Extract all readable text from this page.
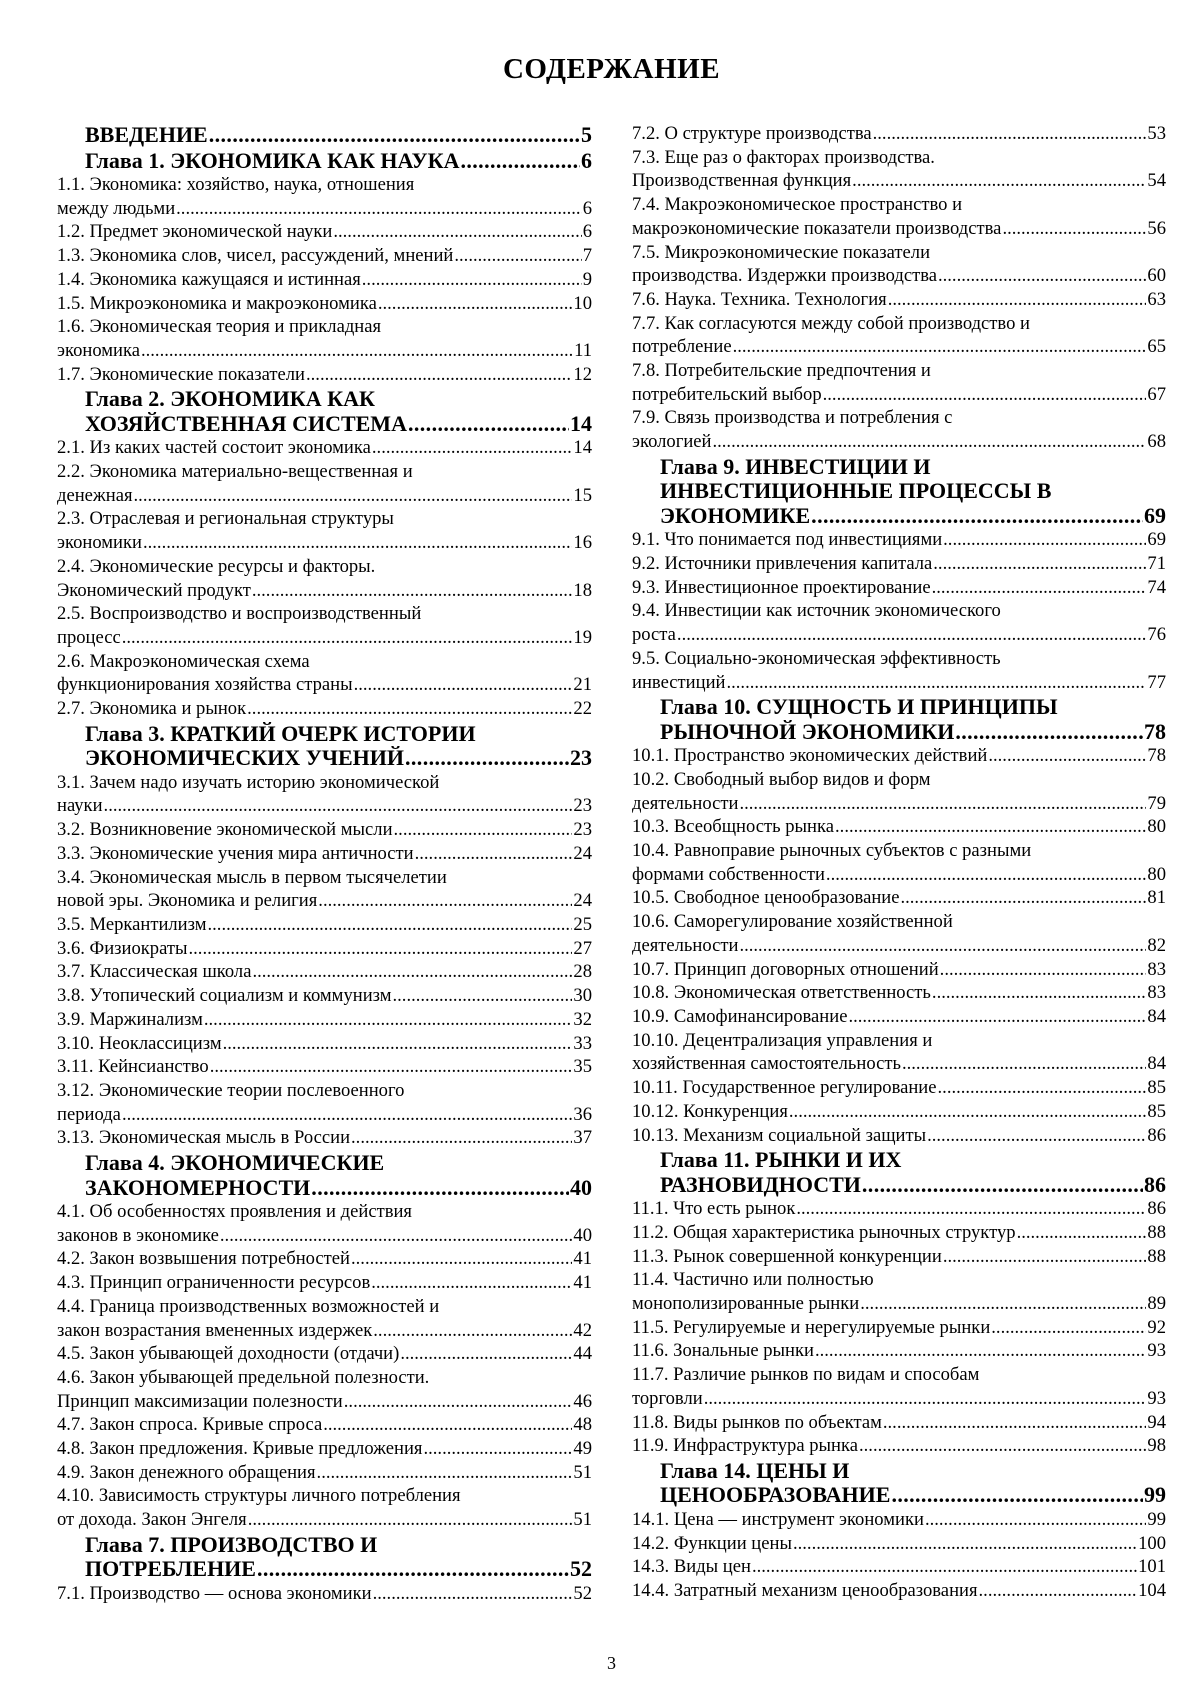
СОДЕРЖАНИЕ
ВВЕДЕНИЕ .....	5
Глава 1. ЭКОНОМИКА КАК НАУКА .....	6
1.1. Экономика: хозяйство, наука, отношения
между людьми .....	6
1.2. Предмет экономической науки .....	6
1.3. Экономика слов, чисел, рассуждений, мнений .....	7
1.4. Экономика кажущаяся и истинная .....	9
1.5. Микроэкономика и макроэкономика .....	10
1.6. Экономическая теория и прикладная
экономика .....	11
1.7. Экономические показатели .....	12
Глава 2. ЭКОНОМИКА КАК
ХОЗЯЙСТВЕННАЯ СИСТЕМА .....	14
2.1. Из каких частей состоит экономика .....	14
2.2. Экономика материально-вещественная и
денежная .....	15
2.3. Отраслевая и региональная структуры
экономики .....	16
2.4. Экономические ресурсы и факторы.
Экономический продукт .....	18
2.5. Воспроизводство и воспроизводственный
процесс .....	19
2.6. Макроэкономическая схема
функционирования хозяйства страны .....	21
2.7. Экономика и рынок .....	22
Глава 3. КРАТКИЙ ОЧЕРК ИСТОРИИ
ЭКОНОМИЧЕСКИХ УЧЕНИЙ .....	23
3.1. Зачем надо изучать историю экономической
науки .....	23
3.2. Возникновение экономической мысли .....	23
3.3. Экономические учения мира античности .....	24
3.4. Экономическая мысль в первом тысячелетии
новой эры. Экономика и религия .....	24
3.5. Меркантилизм .....	25
3.6. Физиократы .....	27
3.7. Классическая школа .....	28
3.8. Утопический социализм и коммунизм .....	30
3.9. Маржинализм .....	32
3.10. Неоклассицизм .....	33
3.11. Кейнсианство .....	35
3.12. Экономические теории послевоенного
периода .....	36
3.13. Экономическая мысль в России .....	37
Глава 4. ЭКОНОМИЧЕСКИЕ
ЗАКОНОМЕРНОСТИ .....	40
4.1. Об особенностях проявления и действия
законов в экономике .....	40
4.2. Закон возвышения потребностей .....	41
4.3. Принцип ограниченности ресурсов .....	41
4.4. Граница производственных возможностей и
закон возрастания вмененных издержек .....	42
4.5. Закон убывающей доходности (отдачи) .....	44
4.6. Закон убывающей предельной полезности.
Принцип максимизации полезности .....	46
4.7. Закон спроса. Кривые спроса .....	48
4.8. Закон предложения. Кривые предложения .....	49
4.9. Закон денежного обращения .....	51
4.10. Зависимость структуры личного потребления
от дохода. Закон Энгеля .....	51
Глава 7. ПРОИЗВОДСТВО И
ПОТРЕБЛЕНИЕ .....	52
7.1. Производство — основа экономики .....	52
7.2. О структуре производства .....	53
7.3. Еще раз о факторах производства.
Производственная функция .....	54
7.4. Макроэкономическое пространство и
макроэкономические показатели производства .....	56
7.5. Микроэкономические показатели
производства. Издержки производства .....	60
7.6. Наука. Техника. Технология .....	63
7.7. Как согласуются между собой производство и
потребление .....	65
7.8. Потребительские предпочтения и
потребительский выбор .....	67
7.9. Связь производства и потребления с
экологией .....	68
Глава 9. ИНВЕСТИЦИИ И
ИНВЕСТИЦИОННЫЕ ПРОЦЕССЫ В
ЭКОНОМИКЕ .....	69
9.1. Что понимается под инвестициями .....	69
9.2. Источники привлечения капитала .....	71
9.3. Инвестиционное проектирование .....	74
9.4. Инвестиции как источник экономического
роста .....	76
9.5. Социально-экономическая эффективность
инвестиций .....	77
Глава 10. СУЩНОСТЬ И ПРИНЦИПЫ
РЫНОЧНОЙ ЭКОНОМИКИ .....	78
10.1. Пространство экономических действий .....	78
10.2. Свободный выбор видов и форм
деятельности .....	79
10.3. Всеобщность рынка .....	80
10.4. Равноправие рыночных субъектов с разными
формами собственности .....	80
10.5. Свободное ценообразование .....	81
10.6. Саморегулирование хозяйственной
деятельности .....	82
10.7. Принцип договорных отношений .....	83
10.8. Экономическая ответственность .....	83
10.9. Самофинансирование .....	84
10.10. Децентрализация управления и
хозяйственная самостоятельность .....	84
10.11. Государственное регулирование .....	85
10.12. Конкуренция .....	85
10.13. Механизм социальной защиты .....	86
Глава 11. РЫНКИ И ИХ
РАЗНОВИДНОСТИ .....	86
11.1. Что есть рынок .....	86
11.2. Общая характеристика рыночных структур .....	88
11.3. Рынок совершенной конкуренции .....	88
11.4. Частично или полностью
монополизированные рынки .....	89
11.5. Регулируемые и нерегулируемые рынки .....	92
11.6. Зональные рынки .....	93
11.7. Различие рынков по видам и способам
торговли .....	93
11.8. Виды рынков по объектам .....	94
11.9. Инфраструктура рынка .....	98
Глава 14. ЦЕНЫ И
ЦЕНООБРАЗОВАНИЕ .....	99
14.1. Цена — инструмент экономики .....	99
14.2. Функции цены .....	100
14.3. Виды цен .....	101
14.4. Затратный механизм ценообразования .....	104
3
